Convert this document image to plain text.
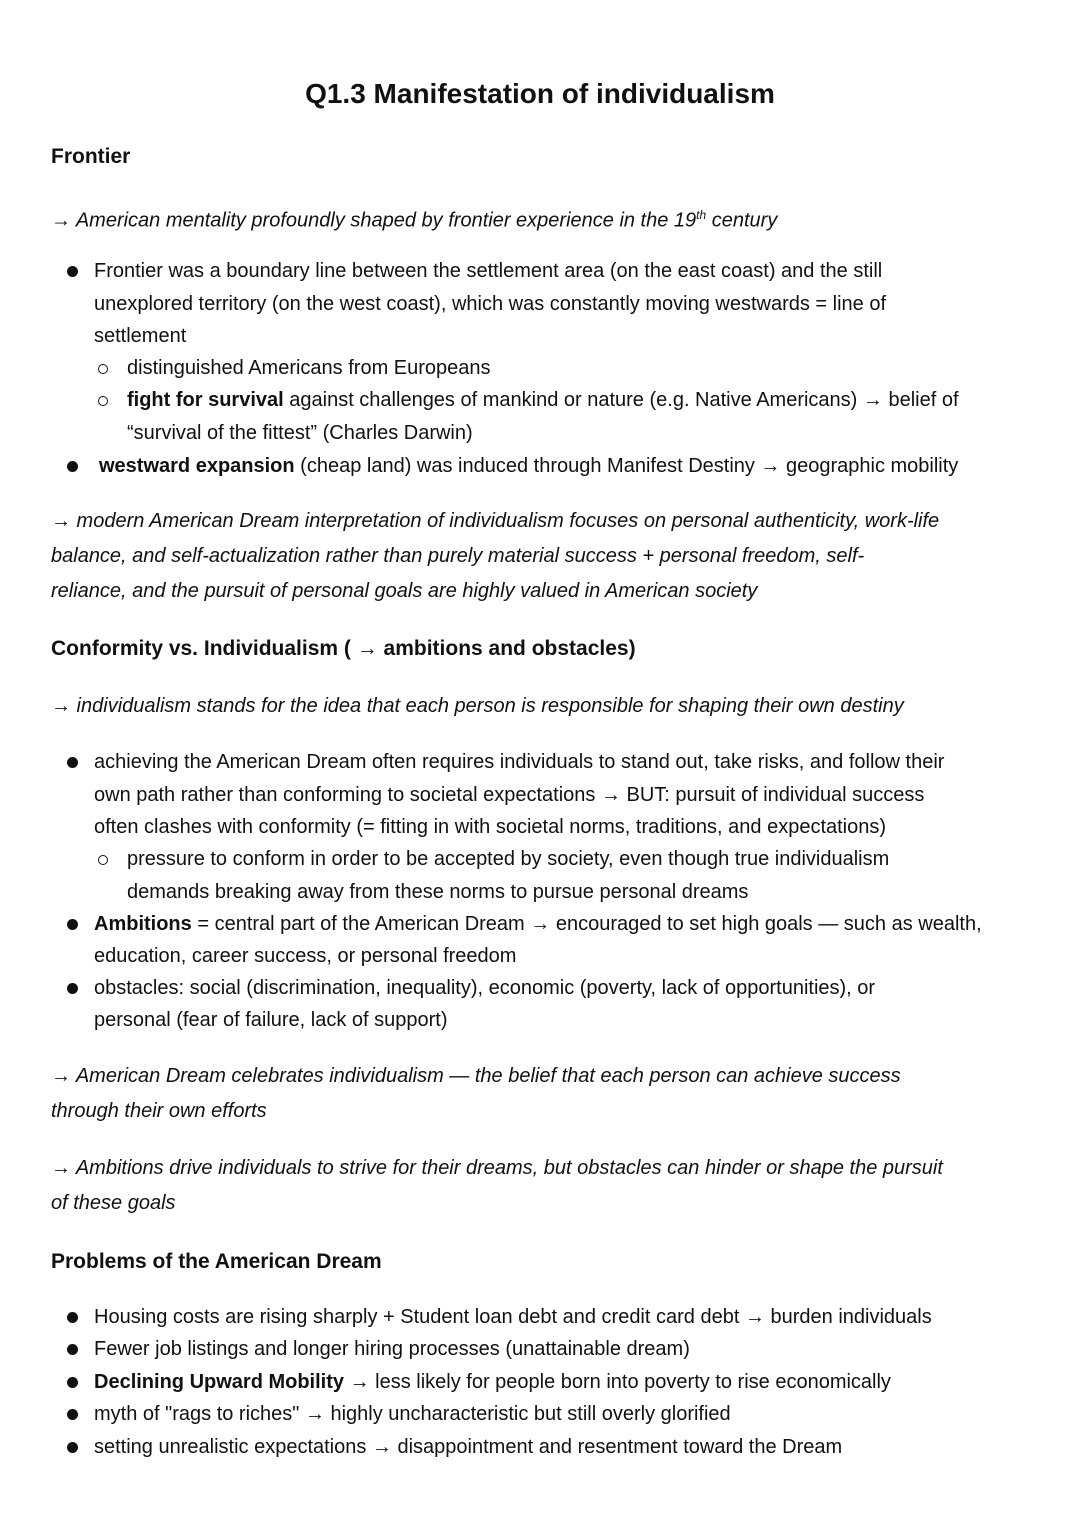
Q1.3 Manifestation of individualism
Frontier
→ American mentality profoundly shaped by frontier experience in the 19th century
Frontier was a boundary line between the settlement area (on the east coast) and the still
unexplored territory (on the west coast), which was constantly moving westwards = line of
settlement
distinguished Americans from Europeans
fight for survival against challenges of mankind or nature (e.g. Native Americans) → belief of
“survival of the fittest” (Charles Darwin)
westward expansion (cheap land) was induced through Manifest Destiny → geographic mobility
→ modern American Dream interpretation of individualism focuses on personal authenticity, work-life
balance, and self-actualization rather than purely material success + personal freedom, self-
reliance, and the pursuit of personal goals are highly valued in American society
Conformity vs. Individualism ( → ambitions and obstacles)
→ individualism stands for the idea that each person is responsible for shaping their own destiny
achieving the American Dream often requires individuals to stand out, take risks, and follow their
own path rather than conforming to societal expectations → BUT: pursuit of individual success
often clashes with conformity (= fitting in with societal norms, traditions, and expectations)
pressure to conform in order to be accepted by society, even though true individualism
demands breaking away from these norms to pursue personal dreams
Ambitions = central part of the American Dream → encouraged to set high goals — such as wealth,
education, career success, or personal freedom
obstacles: social (discrimination, inequality), economic (poverty, lack of opportunities), or
personal (fear of failure, lack of support)
→ American Dream celebrates individualism — the belief that each person can achieve success
through their own efforts
→ Ambitions drive individuals to strive for their dreams, but obstacles can hinder or shape the pursuit
of these goals
Problems of the American Dream
Housing costs are rising sharply + Student loan debt and credit card debt → burden individuals
Fewer job listings and longer hiring processes (unattainable dream)
Declining Upward Mobility → less likely for people born into poverty to rise economically
myth of "rags to riches" → highly uncharacteristic but still overly glorified
setting unrealistic expectations → disappointment and resentment toward the Dream
